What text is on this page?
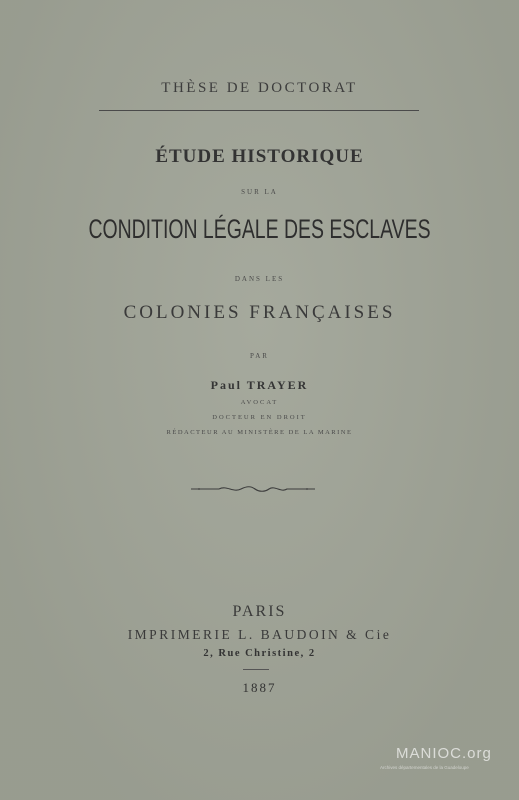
THÈSE DE DOCTORAT
ÉTUDE HISTORIQUE
SUR LA
CONDITION LÉGALE DES ESCLAVES
DANS LES
COLONIES FRANÇAISES
PAR
Paul TRAYER
AVOCAT
DOCTEUR EN DROIT
RÉDACTEUR AU MINISTÈRE DE LA MARINE
PARIS
IMPRIMERIE L. BAUDOIN & Cie
2, Rue Christine, 2
1887
MANIOC.org
Archives départementales de la Guadeloupe
